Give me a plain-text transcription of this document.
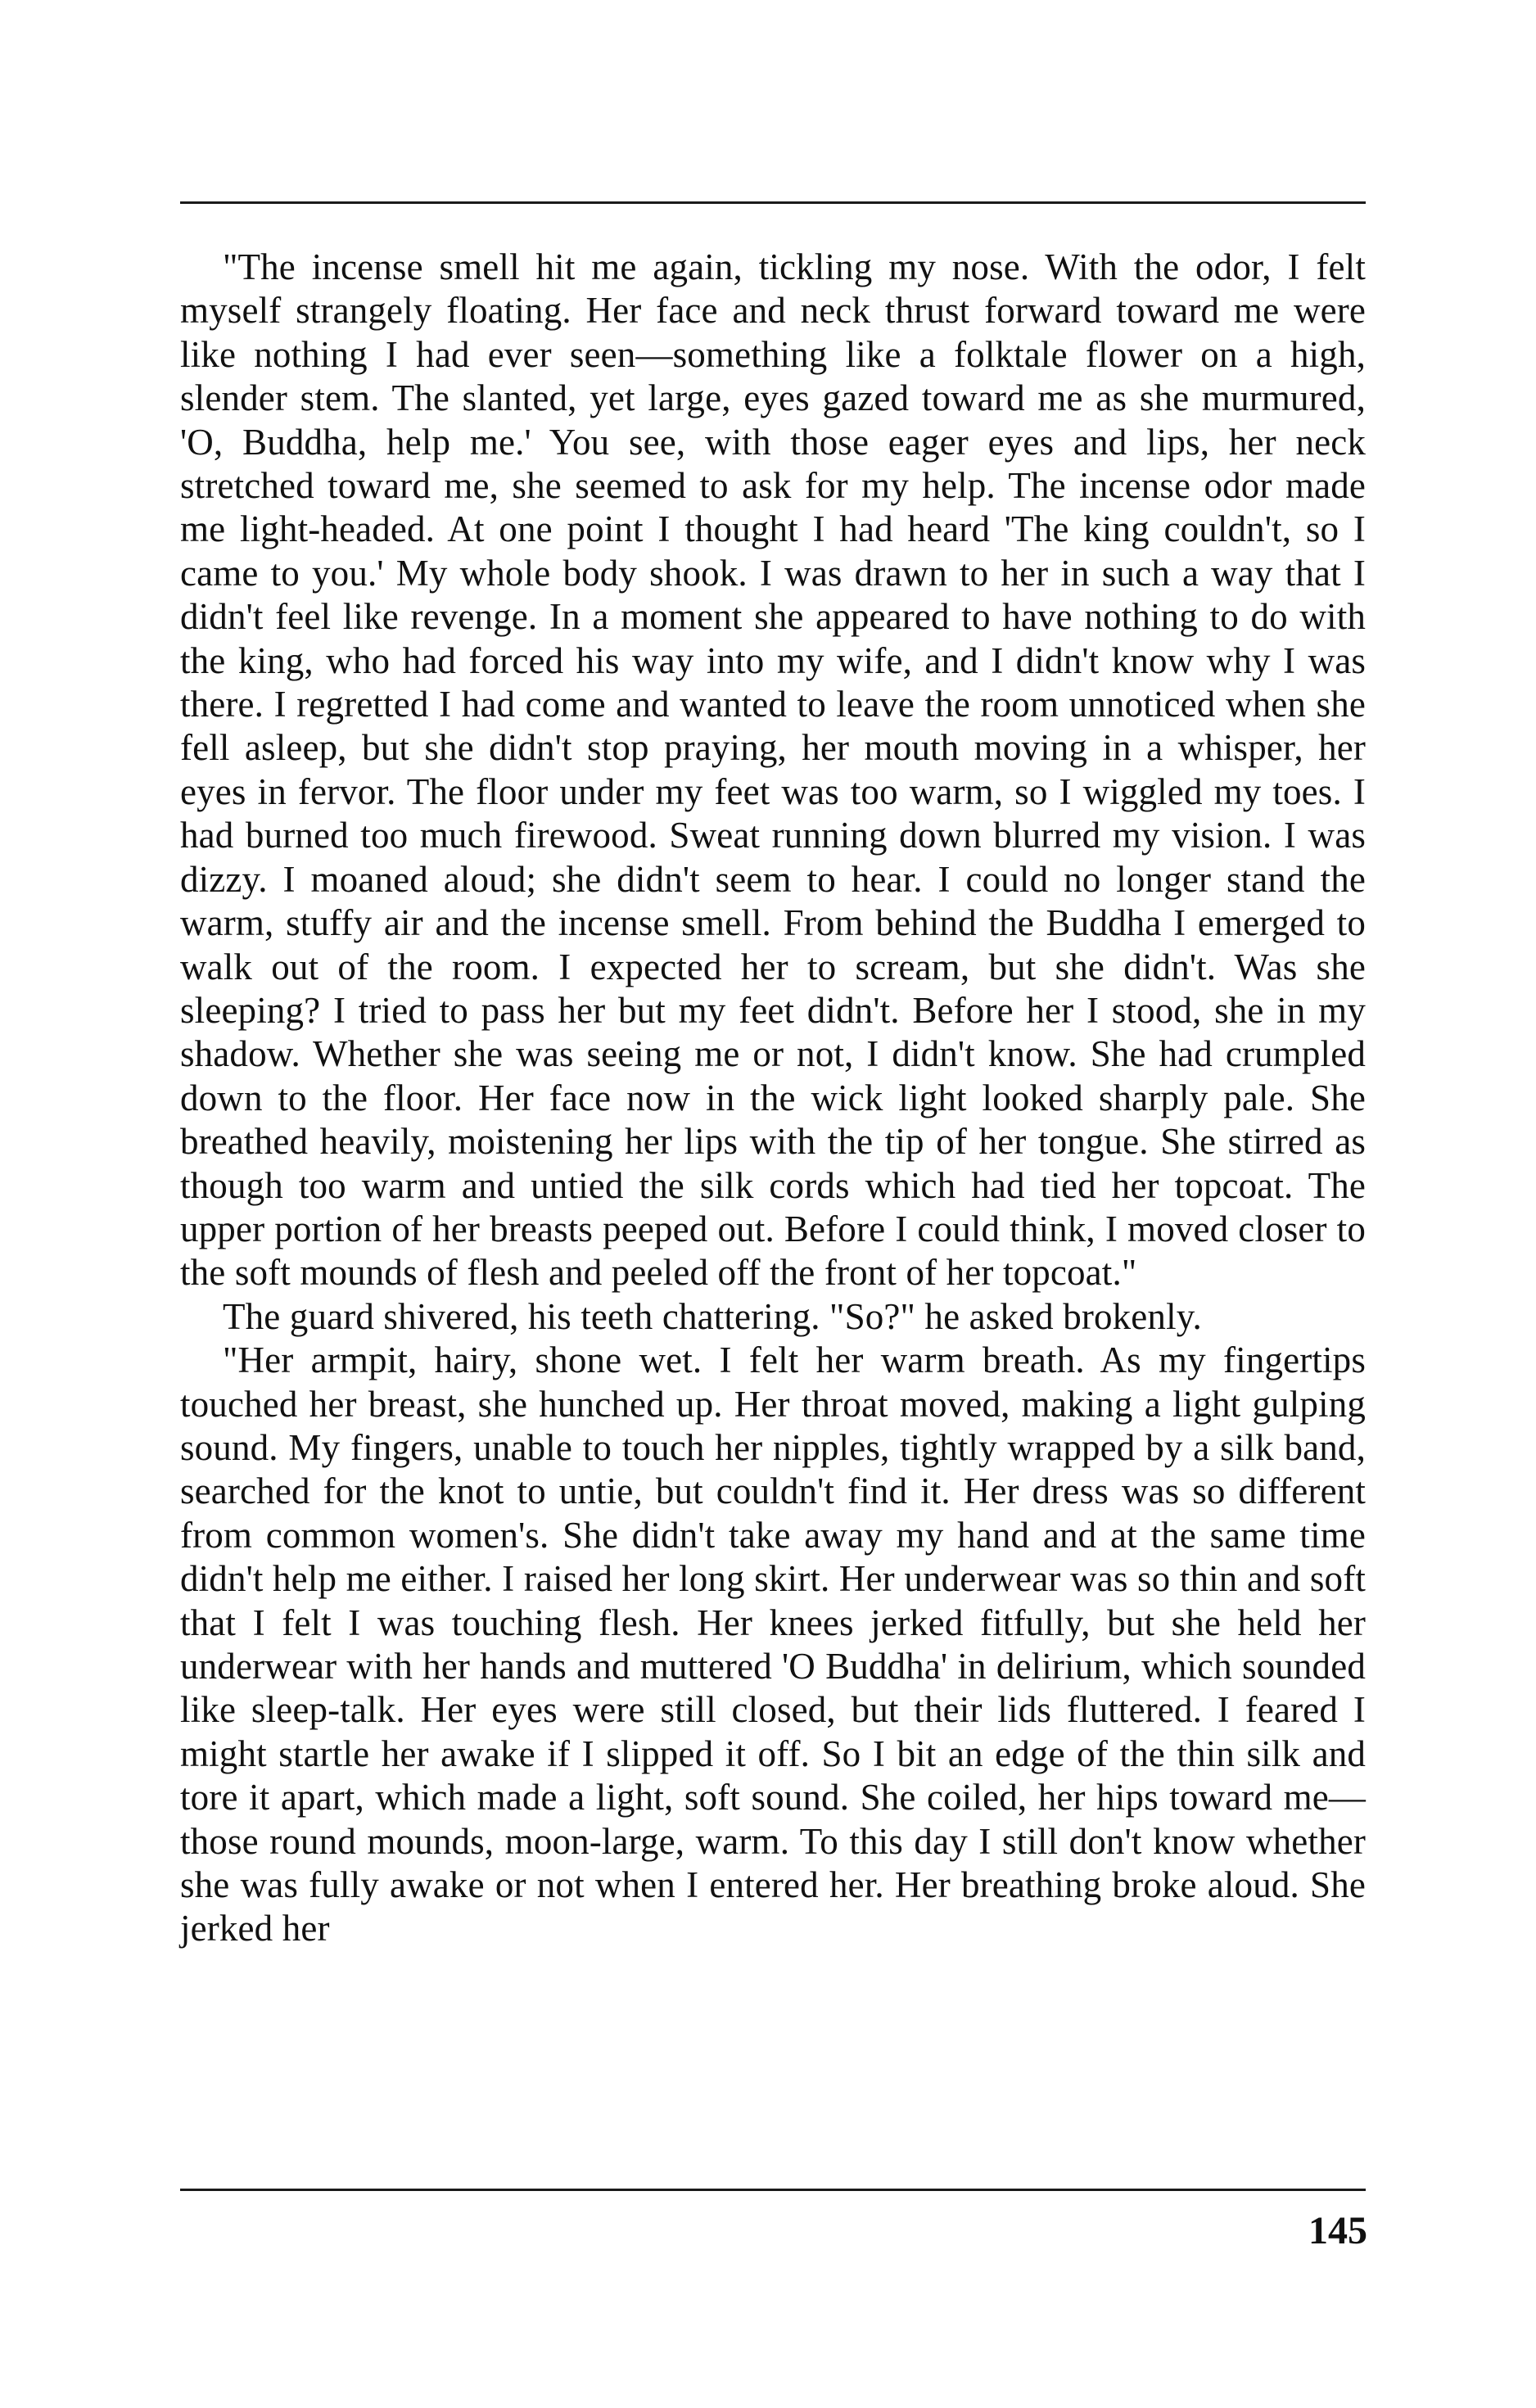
"The incense smell hit me again, tickling my nose. With the odor, I felt myself strangely floating. Her face and neck thrust forward toward me were like nothing I had ever seen—something like a folktale flower on a high, slender stem. The slanted, yet large, eyes gazed toward me as she murmured, 'O, Buddha, help me.' You see, with those eager eyes and lips, her neck stretched toward me, she seemed to ask for my help. The incense odor made me light-headed. At one point I thought I had heard 'The king couldn't, so I came to you.' My whole body shook. I was drawn to her in such a way that I didn't feel like revenge. In a moment she appeared to have nothing to do with the king, who had forced his way into my wife, and I didn't know why I was there. I regretted I had come and wanted to leave the room unnoticed when she fell asleep, but she didn't stop praying, her mouth moving in a whisper, her eyes in fervor. The floor under my feet was too warm, so I wiggled my toes. I had burned too much firewood. Sweat running down blurred my vision. I was dizzy. I moaned aloud; she didn't seem to hear. I could no longer stand the warm, stuffy air and the incense smell. From behind the Buddha I emerged to walk out of the room. I expected her to scream, but she didn't. Was she sleeping? I tried to pass her but my feet didn't. Before her I stood, she in my shadow. Whether she was seeing me or not, I didn't know. She had crumpled down to the floor. Her face now in the wick light looked sharply pale. She breathed heavily, moistening her lips with the tip of her tongue. She stirred as though too warm and untied the silk cords which had tied her topcoat. The upper portion of her breasts peeped out. Before I could think, I moved closer to the soft mounds of flesh and peeled off the front of her topcoat."

The guard shivered, his teeth chattering. "So?" he asked brokenly.

"Her armpit, hairy, shone wet. I felt her warm breath. As my fingertips touched her breast, she hunched up. Her throat moved, making a light gulping sound. My fingers, unable to touch her nipples, tightly wrapped by a silk band, searched for the knot to untie, but couldn't find it. Her dress was so different from common women's. She didn't take away my hand and at the same time didn't help me either. I raised her long skirt. Her underwear was so thin and soft that I felt I was touching flesh. Her knees jerked fitfully, but she held her underwear with her hands and muttered 'O Buddha' in delirium, which sounded like sleep-talk. Her eyes were still closed, but their lids fluttered. I feared I might startle her awake if I slipped it off. So I bit an edge of the thin silk and tore it apart, which made a light, soft sound. She coiled, her hips toward me—those round mounds, moon-large, warm. To this day I still don't know whether she was fully awake or not when I entered her. Her breathing broke aloud. She jerked her

145
